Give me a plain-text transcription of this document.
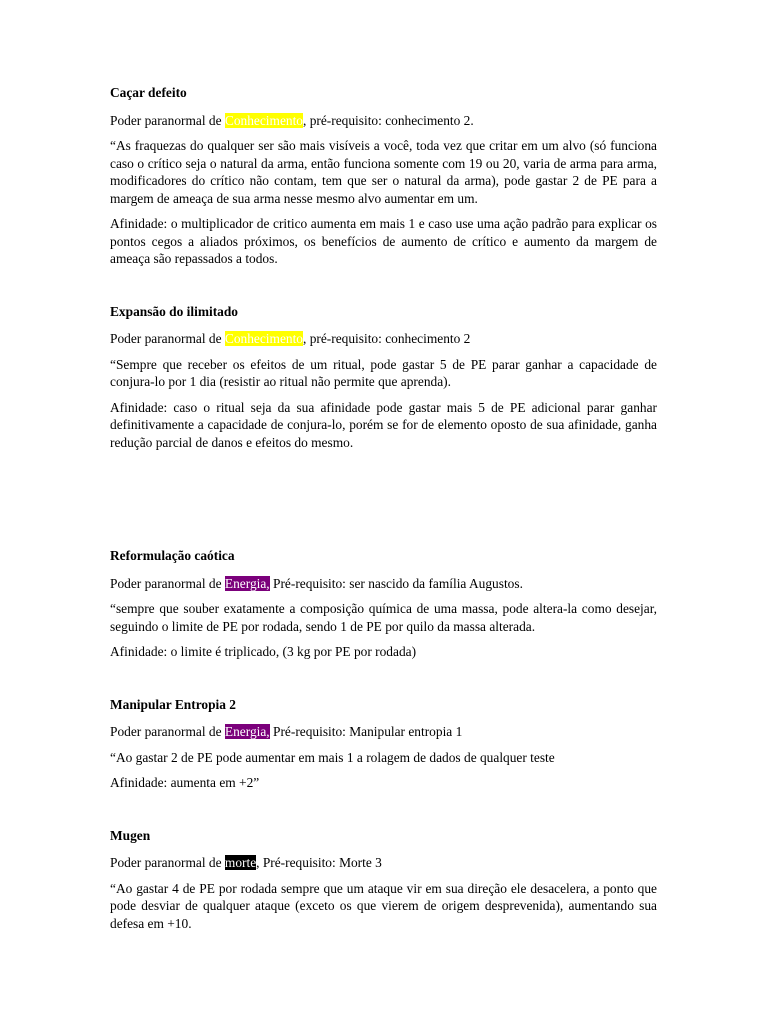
Caçar defeito

Poder paranormal de Conhecimento, pré-requisito: conhecimento 2.

“As fraquezas do qualquer ser são mais visíveis a você, toda vez que critar em um alvo (só funciona caso o crítico seja o natural da arma, então funciona somente com 19 ou 20, varia de arma para arma, modificadores do crítico não contam, tem que ser o natural da arma), pode gastar 2 de PE para a margem de ameaça de sua arma nesse mesmo alvo aumentar em um.

Afinidade: o multiplicador de critico aumenta em mais 1 e caso use uma ação padrão para explicar os pontos cegos a aliados próximos, os benefícios de aumento de crítico e aumento da margem de ameaça são repassados a todos.

Expansão do ilimitado

Poder paranormal de Conhecimento, pré-requisito: conhecimento 2

“Sempre que receber os efeitos de um ritual, pode gastar 5 de PE parar ganhar a capacidade de conjura-lo por 1 dia (resistir ao ritual não permite que aprenda).

Afinidade: caso o ritual seja da sua afinidade pode gastar mais 5 de PE adicional parar ganhar definitivamente a capacidade de conjura-lo, porém se for de elemento oposto de sua afinidade, ganha redução parcial de danos e efeitos do mesmo.

Reformulação caótica

Poder paranormal de Energia, Pré-requisito: ser nascido da família Augustos.

“sempre que souber exatamente a composição química de uma massa, pode altera-la como desejar, seguindo o limite de PE por rodada, sendo 1 de PE por quilo da massa alterada.

Afinidade: o limite é triplicado, (3 kg por PE por rodada)

Manipular Entropia 2

Poder paranormal de Energia, Pré-requisito: Manipular entropia 1

“Ao gastar 2 de PE pode aumentar em mais 1 a rolagem de dados de qualquer teste

Afinidade: aumenta em +2”

Mugen

Poder paranormal de morte, Pré-requisito: Morte 3

“Ao gastar 4 de PE por rodada sempre que um ataque vir em sua direção ele desacelera, a ponto que pode desviar de qualquer ataque (exceto os que vierem de origem desprevenida), aumentando sua defesa em +10.
